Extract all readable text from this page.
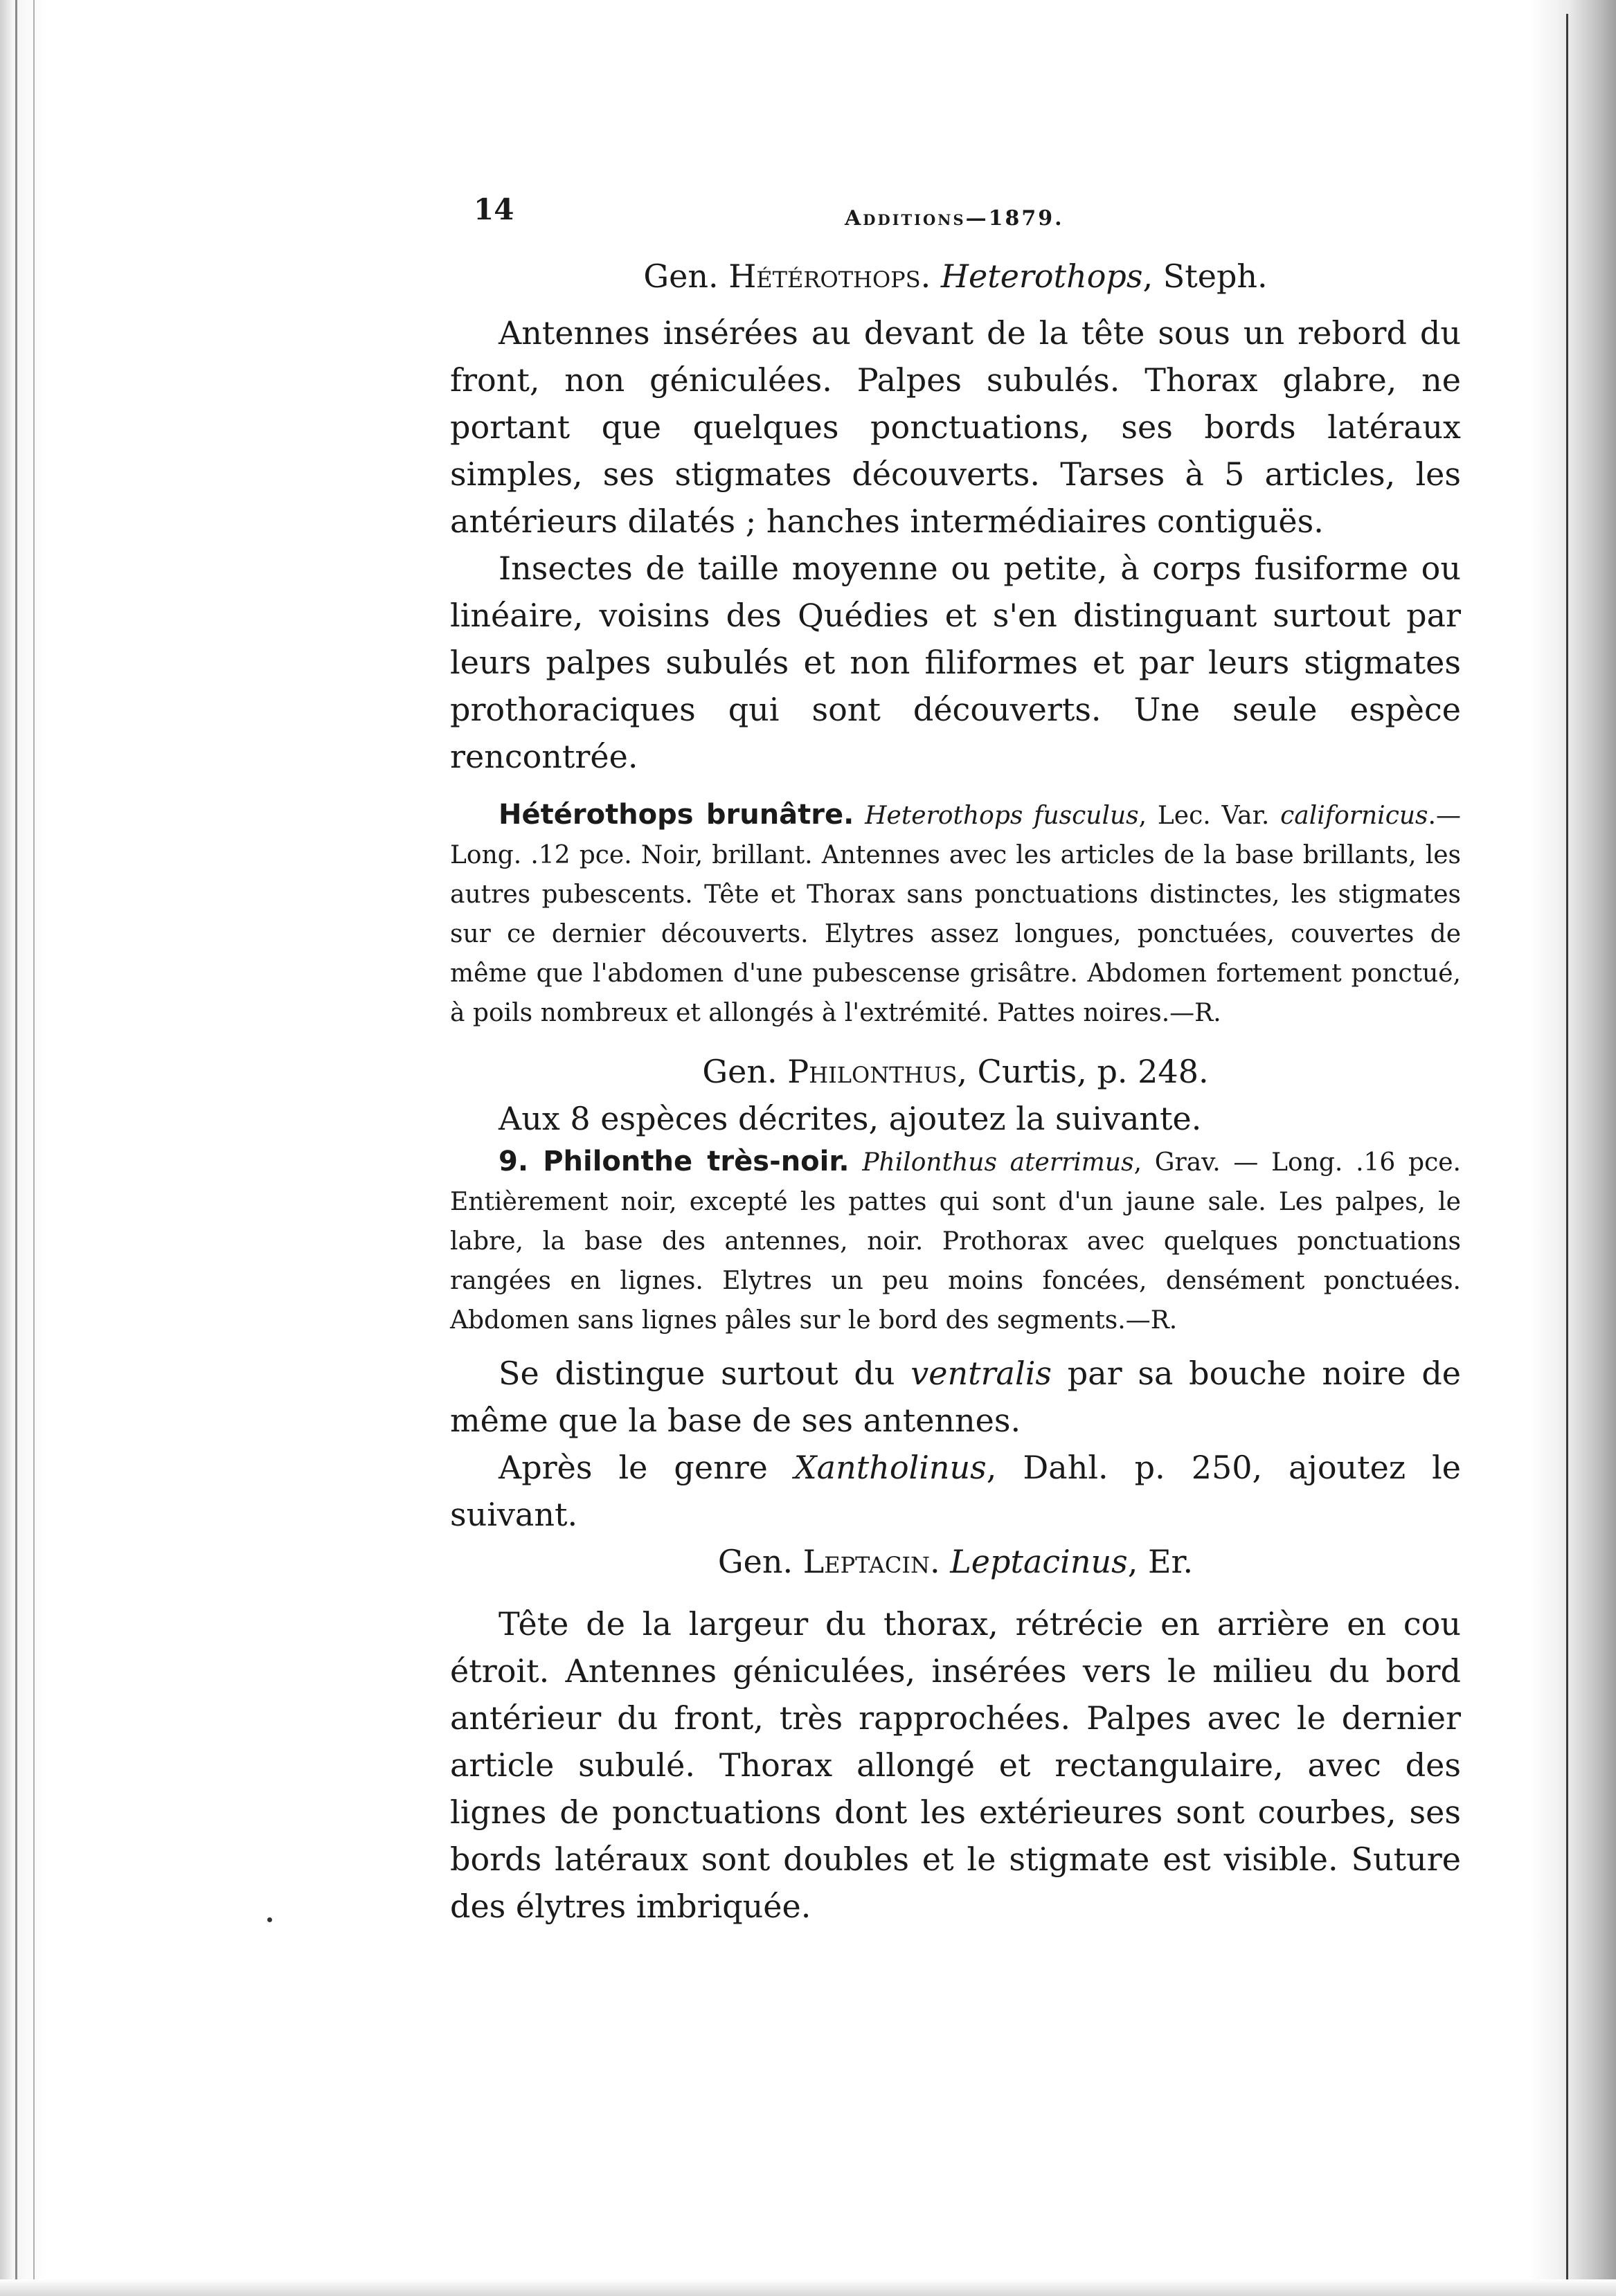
14	Additions—1879.

Gen. Hétérothops. Heterothops, Steph.

Antennes insérées au devant de la tête sous un rebord du front, non géniculées. Palpes subulés. Thorax glabre, ne portant que quelques ponctuations, ses bords latéraux simples, ses stigmates découverts. Tarses à 5 articles, les antérieurs dilatés ; hanches intermédiaires contiguës.

Insectes de taille moyenne ou petite, à corps fusiforme ou linéaire, voisins des Quédies et s'en distinguant surtout par leurs palpes subulés et non filiformes et par leurs stigmates prothoraciques qui sont découverts. Une seule espèce rencontrée.

Hétérothops brunâtre. Heterothops fusculus, Lec. Var. californicus.—Long. .12 pce. Noir, brillant. Antennes avec les articles de la base brillants, les autres pubescents. Tête et Thorax sans ponctuations distinctes, les stigmates sur ce dernier découverts. Elytres assez longues, ponctuées, couvertes de même que l'abdomen d'une pubescense grisâtre. Abdomen fortement ponctué, à poils nombreux et allongés à l'extrémité. Pattes noires.—R.

Gen. Philonthus, Curtis, p. 248.

Aux 8 espèces décrites, ajoutez la suivante.

9. Philonthe très-noir. Philonthus aterrimus, Grav. — Long. .16 pce. Entièrement noir, excepté les pattes qui sont d'un jaune sale. Les palpes, le labre, la base des antennes, noir. Prothorax avec quelques ponctuations rangées en lignes. Elytres un peu moins foncées, densément ponctuées. Abdomen sans lignes pâles sur le bord des segments.—R.

Se distingue surtout du ventralis par sa bouche noire de même que la base de ses antennes.

Après le genre Xantholinus, Dahl. p. 250, ajoutez le suivant.

Gen. Leptacin. Leptacinus, Er.

Tête de la largeur du thorax, rétrécie en arrière en cou étroit. Antennes géniculées, insérées vers le milieu du bord antérieur du front, très rapprochées. Palpes avec le dernier article subulé. Thorax allongé et rectangulaire, avec des lignes de ponctuations dont les extérieures sont courbes, ses bords latéraux sont doubles et le stigmate est visible. Suture des élytres imbriquée.
